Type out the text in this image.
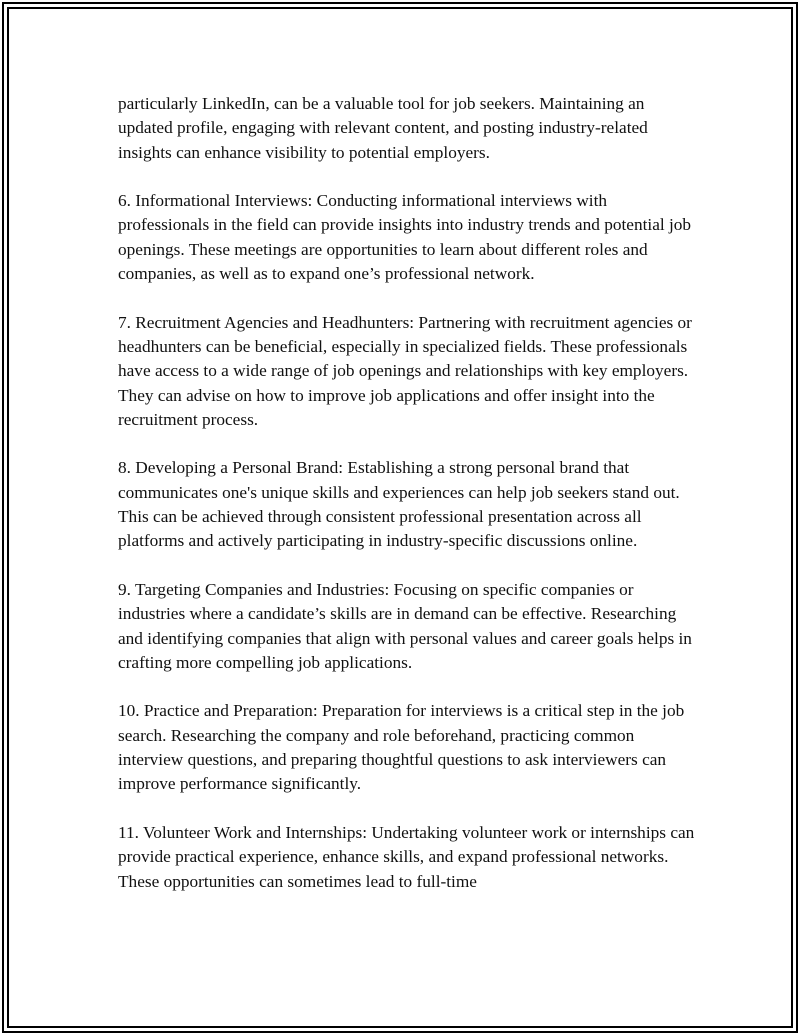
particularly LinkedIn, can be a valuable tool for job seekers. Maintaining an updated profile, engaging with relevant content, and posting industry-related insights can enhance visibility to potential employers.

6. Informational Interviews: Conducting informational interviews with professionals in the field can provide insights into industry trends and potential job openings. These meetings are opportunities to learn about different roles and companies, as well as to expand one’s professional network.

7. Recruitment Agencies and Headhunters: Partnering with recruitment agencies or headhunters can be beneficial, especially in specialized fields. These professionals have access to a wide range of job openings and relationships with key employers. They can advise on how to improve job applications and offer insight into the recruitment process.

8. Developing a Personal Brand: Establishing a strong personal brand that communicates one's unique skills and experiences can help job seekers stand out. This can be achieved through consistent professional presentation across all platforms and actively participating in industry-specific discussions online.

9. Targeting Companies and Industries: Focusing on specific companies or industries where a candidate’s skills are in demand can be effective. Researching and identifying companies that align with personal values and career goals helps in crafting more compelling job applications.

10. Practice and Preparation: Preparation for interviews is a critical step in the job search. Researching the company and role beforehand, practicing common interview questions, and preparing thoughtful questions to ask interviewers can improve performance significantly.

11. Volunteer Work and Internships: Undertaking volunteer work or internships can provide practical experience, enhance skills, and expand professional networks. These opportunities can sometimes lead to full-time
